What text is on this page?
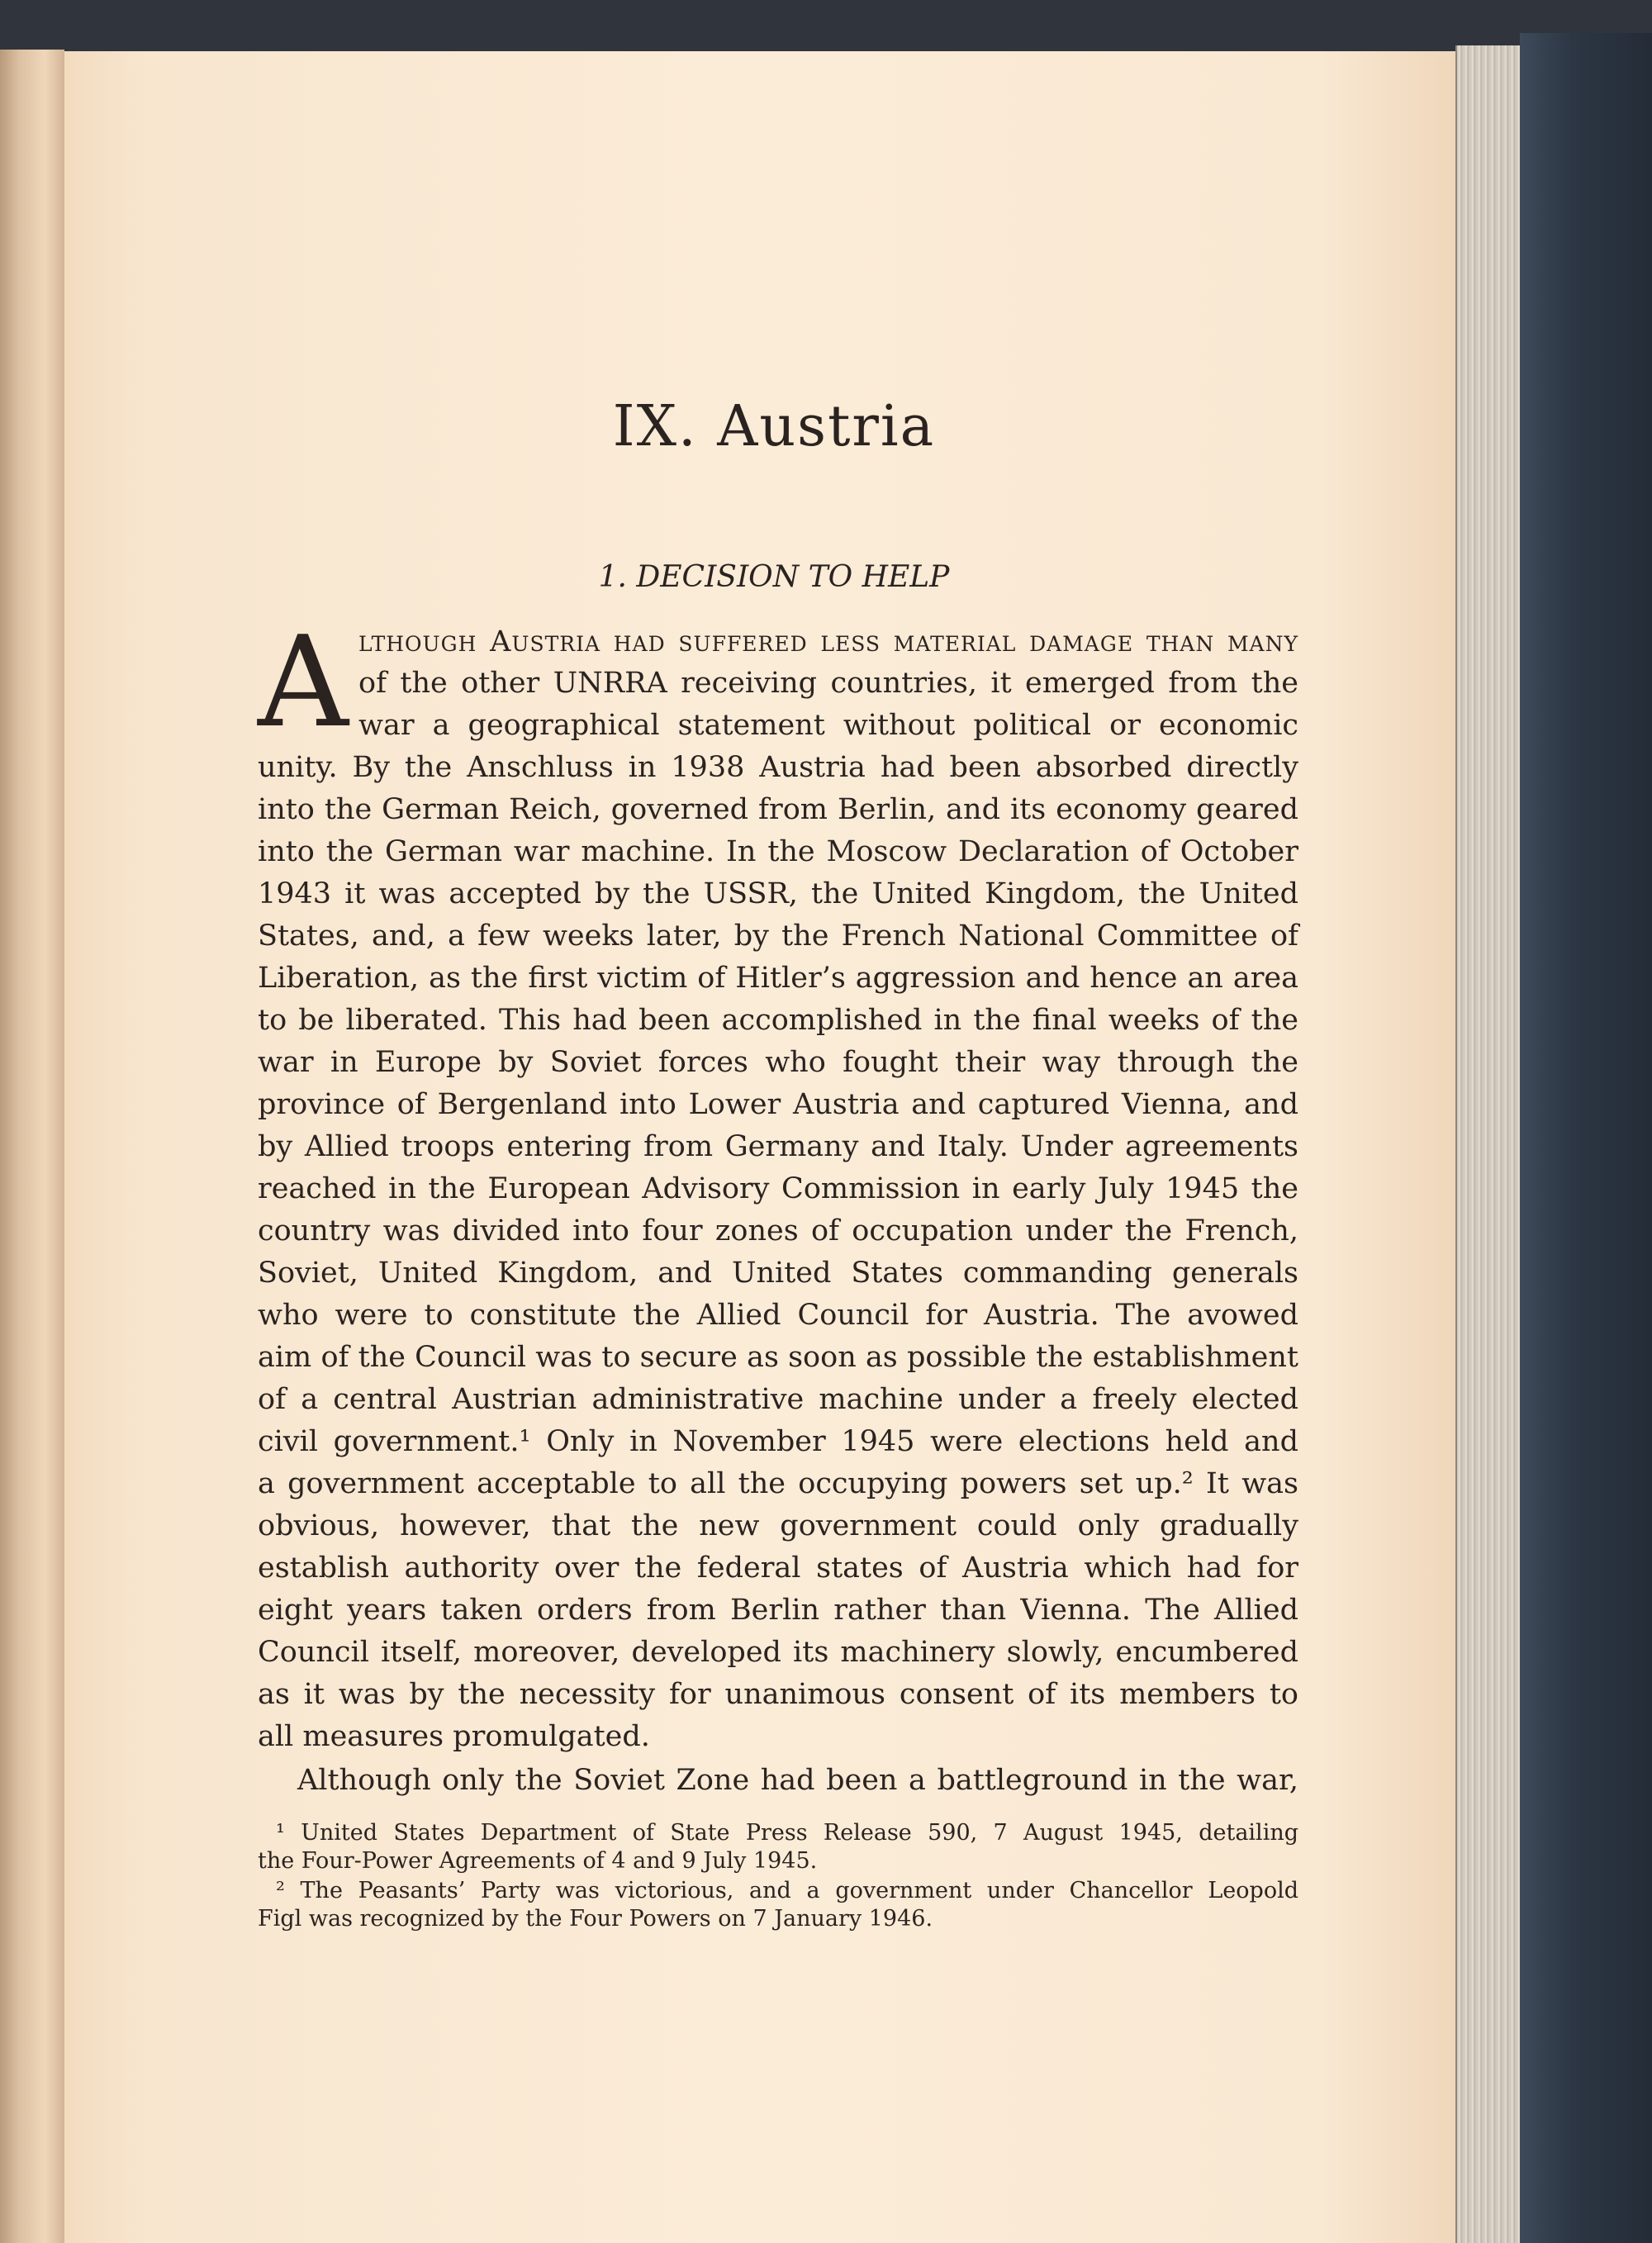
IX. Austria
1. DECISION TO HELP
A lthough Austria had suffered less material damage than many
of the other UNRRA receiving countries, it emerged from the
war a geographical statement without political or economic
unity. By the Anschluss in 1938 Austria had been absorbed directly
into the German Reich, governed from Berlin, and its economy geared
into the German war machine. In the Moscow Declaration of October
1943 it was accepted by the USSR, the United Kingdom, the United
States, and, a few weeks later, by the French National Committee of
Liberation, as the first victim of Hitler’s aggression and hence an area
to be liberated. This had been accomplished in the final weeks of the
war in Europe by Soviet forces who fought their way through the
province of Bergenland into Lower Austria and captured Vienna, and
by Allied troops entering from Germany and Italy. Under agreements
reached in the European Advisory Commission in early July 1945 the
country was divided into four zones of occupation under the French,
Soviet, United Kingdom, and United States commanding generals
who were to constitute the Allied Council for Austria. The avowed
aim of the Council was to secure as soon as possible the establishment
of a central Austrian administrative machine under a freely elected
civil government.¹ Only in November 1945 were elections held and
a government acceptable to all the occupying powers set up.² It was
obvious, however, that the new government could only gradually
establish authority over the federal states of Austria which had for
eight years taken orders from Berlin rather than Vienna. The Allied
Council itself, moreover, developed its machinery slowly, encumbered
as it was by the necessity for unanimous consent of its members to
all measures promulgated.
Although only the Soviet Zone had been a battleground in the war,
¹ United States Department of State Press Release 590, 7 August 1945, detailing
the Four-Power Agreements of 4 and 9 July 1945.
² The Peasants’ Party was victorious, and a government under Chancellor Leopold
Figl was recognized by the Four Powers on 7 January 1946.
